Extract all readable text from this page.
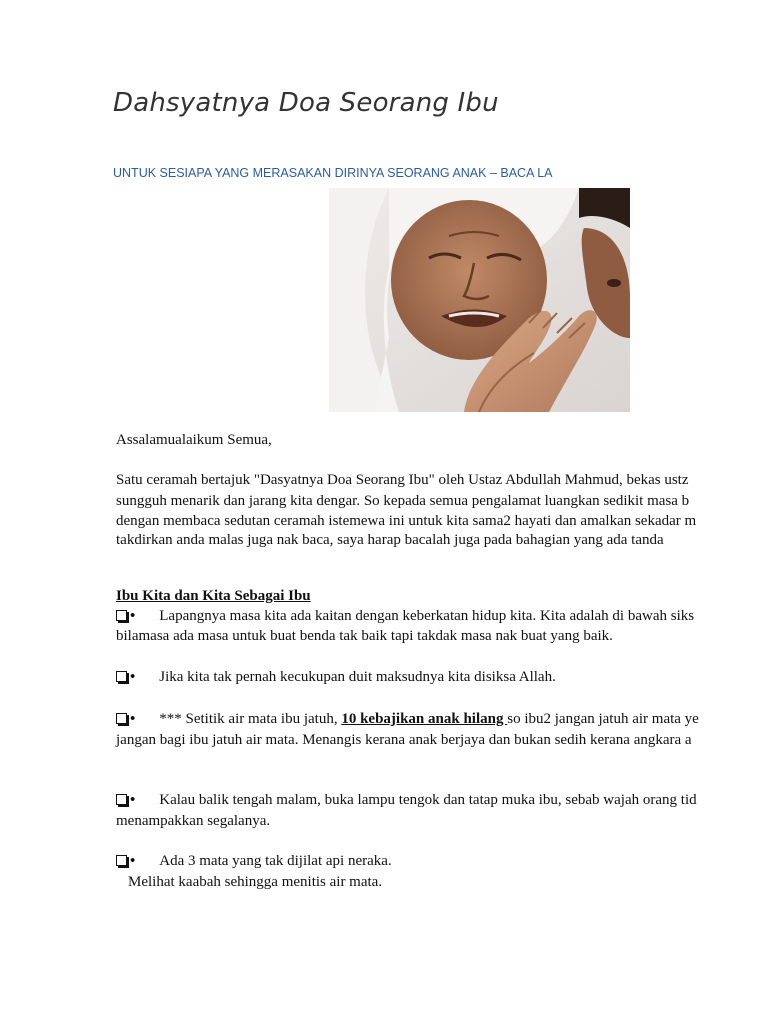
Dahsyatnya Doa Seorang Ibu
UNTUK SESIAPA YANG MERASAKAN DIRINYA SEORANG ANAK – BACA LA
Assalamualaikum Semua,
Satu ceramah bertajuk "Dasyatnya Doa Seorang Ibu" oleh Ustaz Abdullah Mahmud, bekas ustz
sungguh menarik dan jarang kita dengar. So kepada semua pengalamat luangkan sedikit masa b
dengan membaca sedutan ceramah istemewa ini untuk kita sama2 hayati dan amalkan sekadar m
takdirkan anda malas juga nak baca, saya harap bacalah juga pada bahagian yang ada tanda
Ibu Kita dan Kita Sebagai Ibu
• Lapangnya masa kita ada kaitan dengan keberkatan hidup kita. Kita adalah di bawah siks
bilamasa ada masa untuk buat benda tak baik tapi takdak masa nak buat yang baik.
• Jika kita tak pernah kecukupan duit maksudnya kita disiksa Allah.
• *** Setitik air mata ibu jatuh, 10 kebajikan anak hilang so ibu2 jangan jatuh air mata ye
jangan bagi ibu jatuh air mata. Menangis kerana anak berjaya dan bukan sedih kerana angkara a
• Kalau balik tengah malam, buka lampu tengok dan tatap muka ibu, sebab wajah orang tid
menampakkan segalanya.
• Ada 3 mata yang tak dijilat api neraka.
Melihat kaabah sehingga menitis air mata.
